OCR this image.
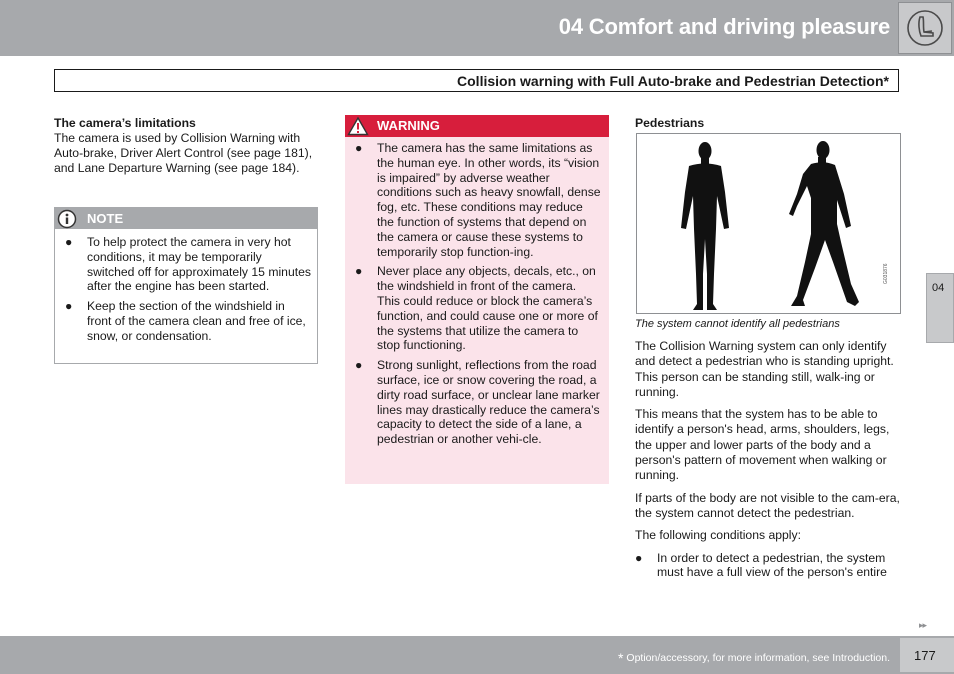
04 Comfort and driving pleasure
Collision warning with Full Auto-brake and Pedestrian Detection*
The camera’s limitations

The camera is used by Collision Warning with Auto-brake, Driver Alert Control (see page 181), and Lane Departure Warning (see page 184).

NOTE
● To help protect the camera in very hot conditions, it may be temporarily switched off for approximately 15 minutes after the engine has been started.
● Keep the section of the windshield in front of the camera clean and free of ice, snow, or condensation.
WARNING
● The camera has the same limitations as the human eye. In other words, its “vision is impaired” by adverse weather conditions such as heavy snowfall, dense fog, etc. These conditions may reduce the function of systems that depend on the camera or cause these systems to temporarily stop function-ing.
● Never place any objects, decals, etc., on the windshield in front of the camera. This could reduce or block the camera’s function, and could cause one or more of the systems that utilize the camera to stop functioning.
● Strong sunlight, reflections from the road surface, ice or snow covering the road, a dirty road surface, or unclear lane marker lines may drastically reduce the camera’s capacity to detect the side of a lane, a pedestrian or another vehi-cle.
Pedestrians
G031876
The system cannot identify all pedestrians

The Collision Warning system can only identify and detect a pedestrian who is standing upright. This person can be standing still, walk-ing or running.

This means that the system has to be able to identify a person's head, arms, shoulders, legs, the upper and lower parts of the body and a person's pattern of movement when walking or running.

If parts of the body are not visible to the cam-era, the system cannot detect the pedestrian.

The following conditions apply:

● In order to detect a pedestrian, the system must have a full view of the person's entire
04
▸▸
* Option/accessory, for more information, see Introduction. 177
